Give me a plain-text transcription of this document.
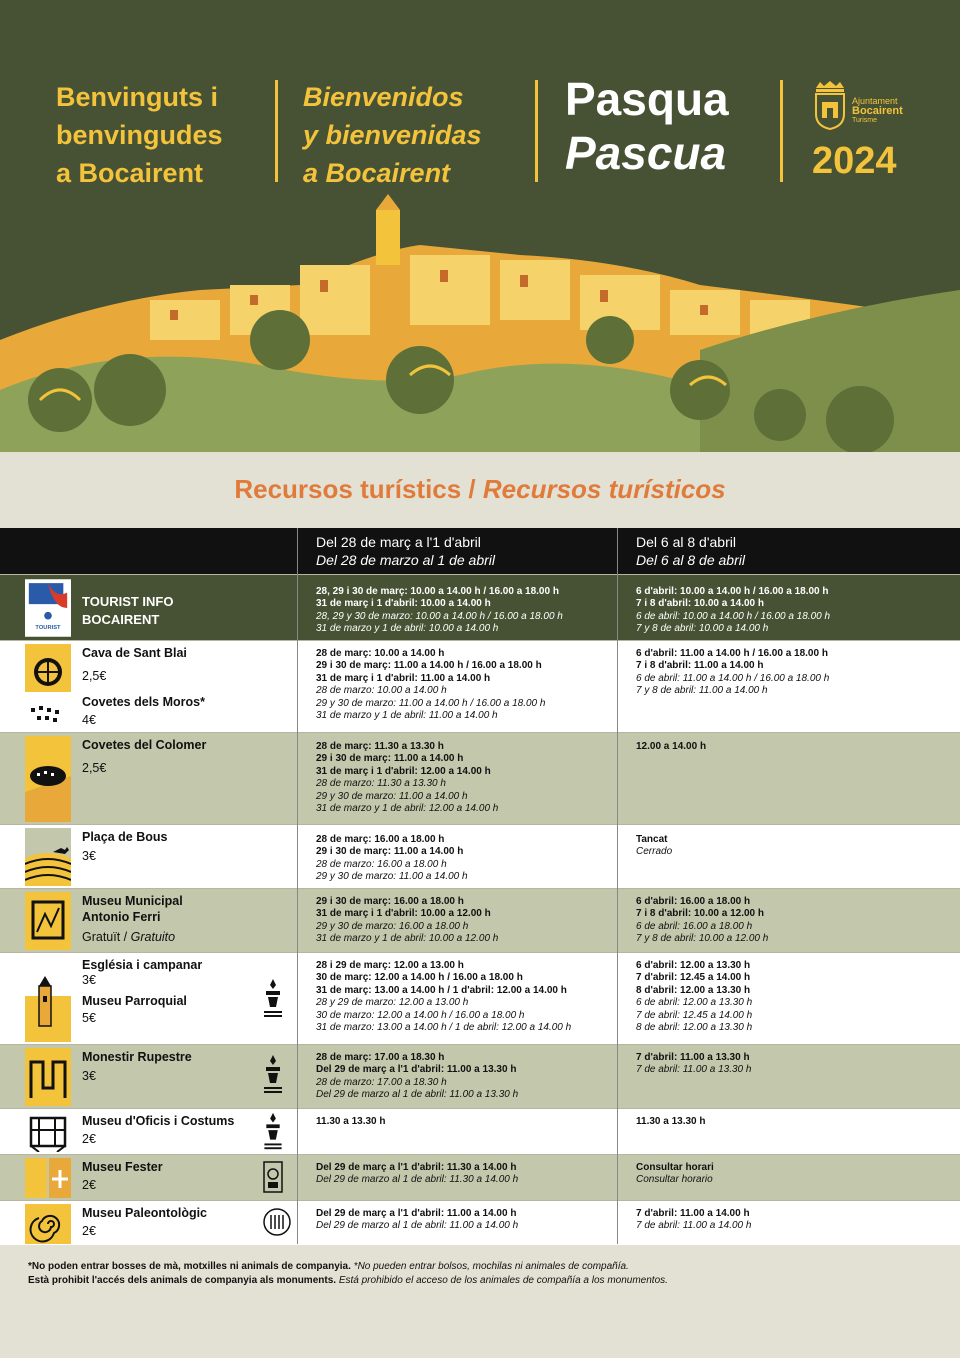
Benvinguts i
benvingudes
a Bocairent
Bienvenidos
y bienvenidas
a Bocairent
Pasqua
Pascua
Ajuntament
Bocairent
Turisme
2024
Recursos turístics / Recursos turísticos
Del 28 de març a l'1 d'abril
Del 28 de marzo al 1 de abril
Del 6 al 8 d'abril
Del 6 al 8 de abril
TOURIST
TOURIST INFO BOCAIRENT
28, 29 i 30 de març: 10.00 a 14.00 h / 16.00 a 18.00 h
31 de març i 1 d'abril: 10.00 a 14.00 h
28, 29 y 30 de marzo: 10.00 a 14.00 h / 16.00 a 18.00 h
31 de marzo y 1 de abril: 10.00 a 14.00 h
6 d'abril: 10.00 a 14.00 h / 16.00 a 18.00 h
7 i 8 d'abril: 10.00 a 14.00 h
6 de abril: 10.00 a 14.00 h / 16.00 a 18.00 h
7 y 8 de abril: 10.00 a 14.00 h
Cava de Sant Blai
2,5€
Covetes dels Moros*
4€
28 de març: 10.00 a 14.00 h
29 i 30 de març: 11.00 a 14.00 h / 16.00 a 18.00 h
31 de març i 1 d'abril: 11.00 a 14.00 h
28 de marzo: 10.00 a 14.00 h
29 y 30 de marzo: 11.00 a 14.00 h / 16.00 a 18.00 h
31 de marzo y 1 de abril: 11.00 a 14.00 h
6 d'abril: 11.00 a 14.00 h / 16.00 a 18.00 h
7 i 8 d'abril: 11.00 a 14.00 h
6 de abril: 11.00 a 14.00 h / 16.00 a 18.00 h
7 y 8 de abril: 11.00 a 14.00 h
Covetes del Colomer
2,5€
28 de març: 11.30 a 13.30 h
29 i 30 de març: 11.00 a 14.00 h
31 de març i 1 d'abril: 12.00 a 14.00 h
28 de marzo: 11.30 a 13.30 h
29 y 30 de marzo: 11.00 a 14.00 h
31 de marzo y 1 de abril: 12.00 a 14.00 h
12.00 a 14.00 h
Plaça de Bous
3€
28 de març: 16.00 a 18.00 h
29 i 30 de març: 11.00 a 14.00 h
28 de marzo: 16.00 a 18.00 h
29 y 30 de marzo: 11.00 a 14.00 h
Tancat
Cerrado
Museu Municipal
Antonio Ferri
Gratuït / Gratuito
29 i 30 de març: 16.00 a 18.00 h
31 de març i 1 d'abril: 10.00 a 12.00 h
29 y 30 de marzo: 16.00 a 18.00 h
31 de marzo y 1 de abril: 10.00 a 12.00 h
6 d'abril: 16.00 a 18.00 h
7 i 8 d'abril: 10.00 a 12.00 h
6 de abril: 16.00 a 18.00 h
7 y 8 de abril: 10.00 a 12.00 h
Església i campanar
3€
Museu Parroquial
5€
28 i 29 de març: 12.00 a 13.00 h
30 de març: 12.00 a 14.00 h / 16.00 a 18.00 h
31 de març: 13.00 a 14.00 h / 1 d'abril: 12.00 a 14.00 h
28 y 29 de marzo: 12.00 a 13.00 h
30 de marzo: 12.00 a 14.00 h / 16.00 a 18.00 h
31 de marzo: 13.00 a 14.00 h / 1 de abril: 12.00 a 14.00 h
6 d'abril: 12.00 a 13.30 h
7 d'abril: 12.45 a 14.00 h
8 d'abril: 12.00 a 13.30 h
6 de abril: 12.00 a 13.30 h
7 de abril: 12.45 a 14.00 h
8 de abril: 12.00 a 13.30 h
Monestir Rupestre
3€
28 de març: 17.00 a 18.30 h
Del 29 de març a l'1 d'abril: 11.00 a 13.30 h
28 de marzo: 17.00 a 18.30 h
Del 29 de marzo al 1 de abril: 11.00 a 13.30 h
7 d'abril: 11.00 a 13.30 h
7 de abril: 11.00 a 13.30 h
Museu d'Oficis i Costums
2€
11.30 a 13.30 h	11.30 a 13.30 h
Museu Fester
2€
Del 29 de març a l'1 d'abril: 11.30 a 14.00 h
Del 29 de marzo al 1 de abril: 11.30 a 14.00 h
Consultar horari
Consultar horario
Museu Paleontològic
2€
Del 29 de març a l'1 d'abril: 11.00 a 14.00 h
Del 29 de marzo al 1 de abril: 11.00 a 14.00 h
7 d'abril: 11.00 a 14.00 h
7 de abril: 11.00 a 14.00 h
*No poden entrar bosses de mà, motxilles ni animals de companyia. *No pueden entrar bolsos, mochilas ni animales de compañía.
Està prohibit l'accés dels animals de companyia als monuments. Está prohibido el acceso de los animales de compañía a los monumentos.
